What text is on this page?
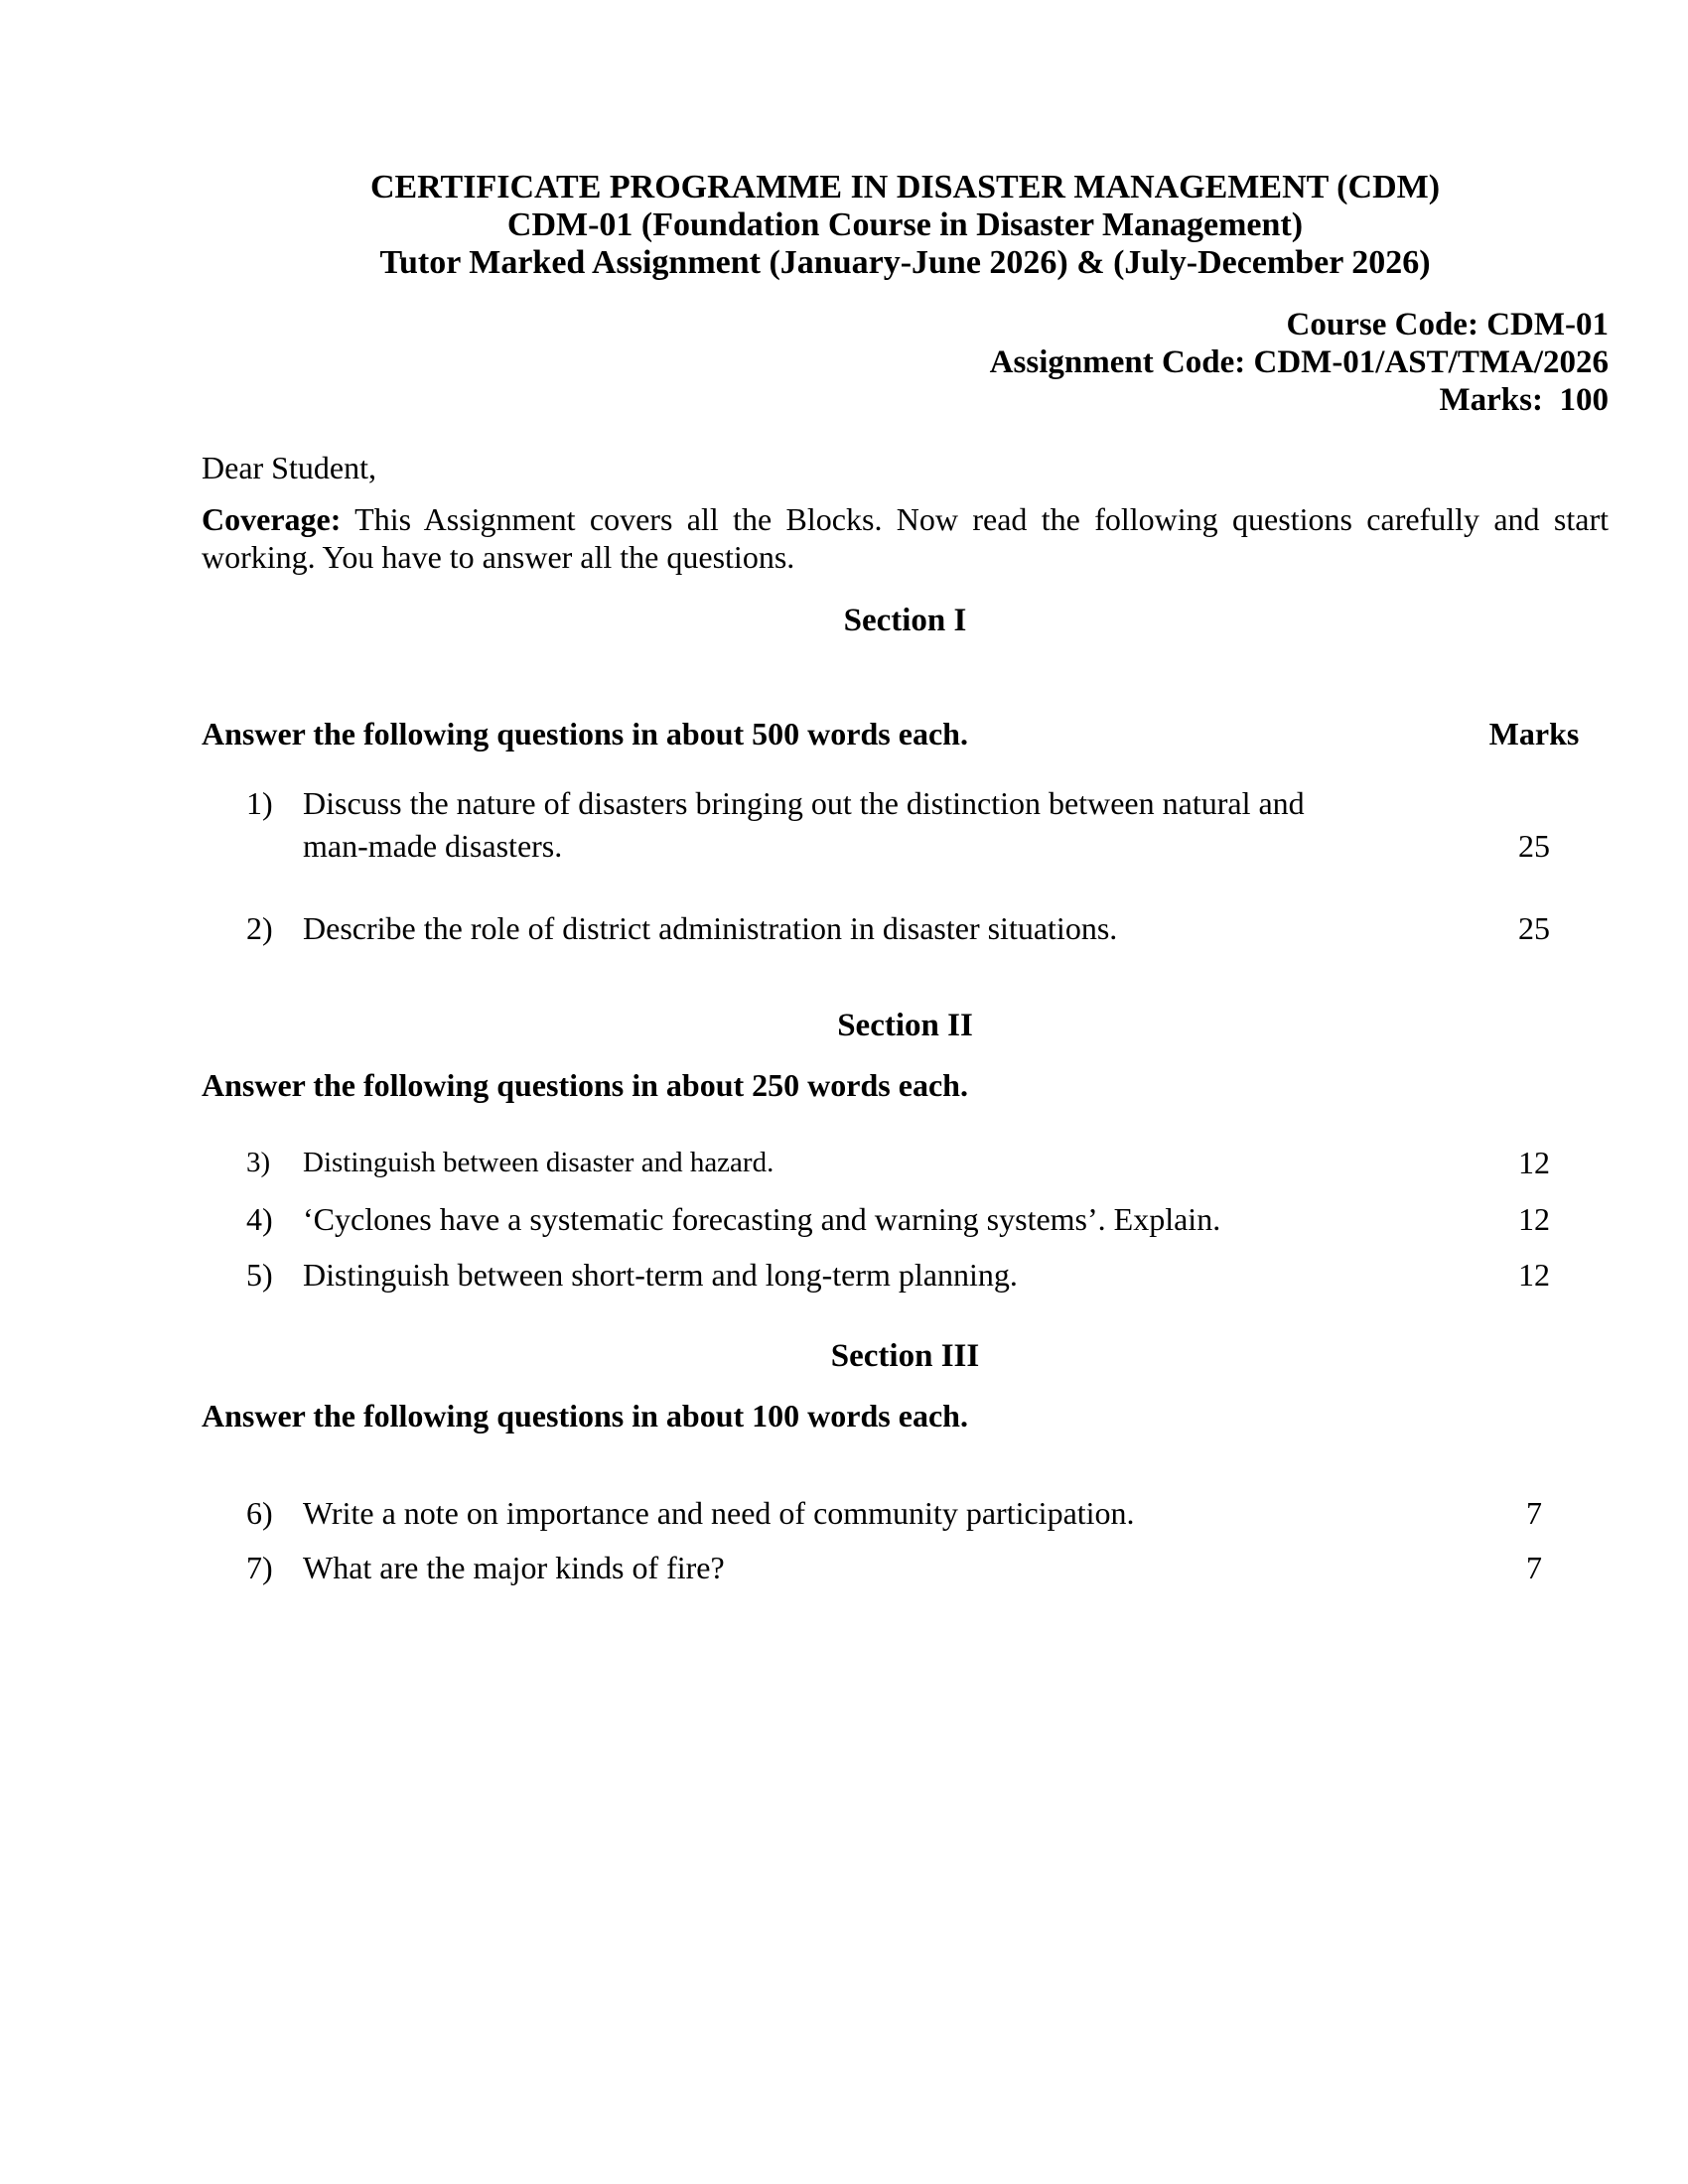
CERTIFICATE PROGRAMME IN DISASTER MANAGEMENT (CDM)
CDM-01 (Foundation Course in Disaster Management)
Tutor Marked Assignment (January-June 2026) & (July-December 2026)
Course Code: CDM-01
Assignment Code: CDM-01/AST/TMA/2026
Marks:  100
Dear Student,
Coverage: This Assignment covers all the Blocks. Now read the following questions carefully and start working. You have to answer all the questions.
Section I
Answer the following questions in about 500 words each.	Marks
1) Discuss the nature of disasters bringing out the distinction between natural and man-made disasters.	25
2) Describe the role of district administration in disaster situations.	25
Section II
Answer the following questions in about 250 words each.
3)	Distinguish between disaster and hazard.	12
4) ‘Cyclones have a systematic forecasting and warning systems’. Explain.	12
5) Distinguish between short-term and long-term planning.	12
Section III
Answer the following questions in about 100 words each.
6) Write a note on importance and need of community participation.	7
7) What are the major kinds of fire?	7
